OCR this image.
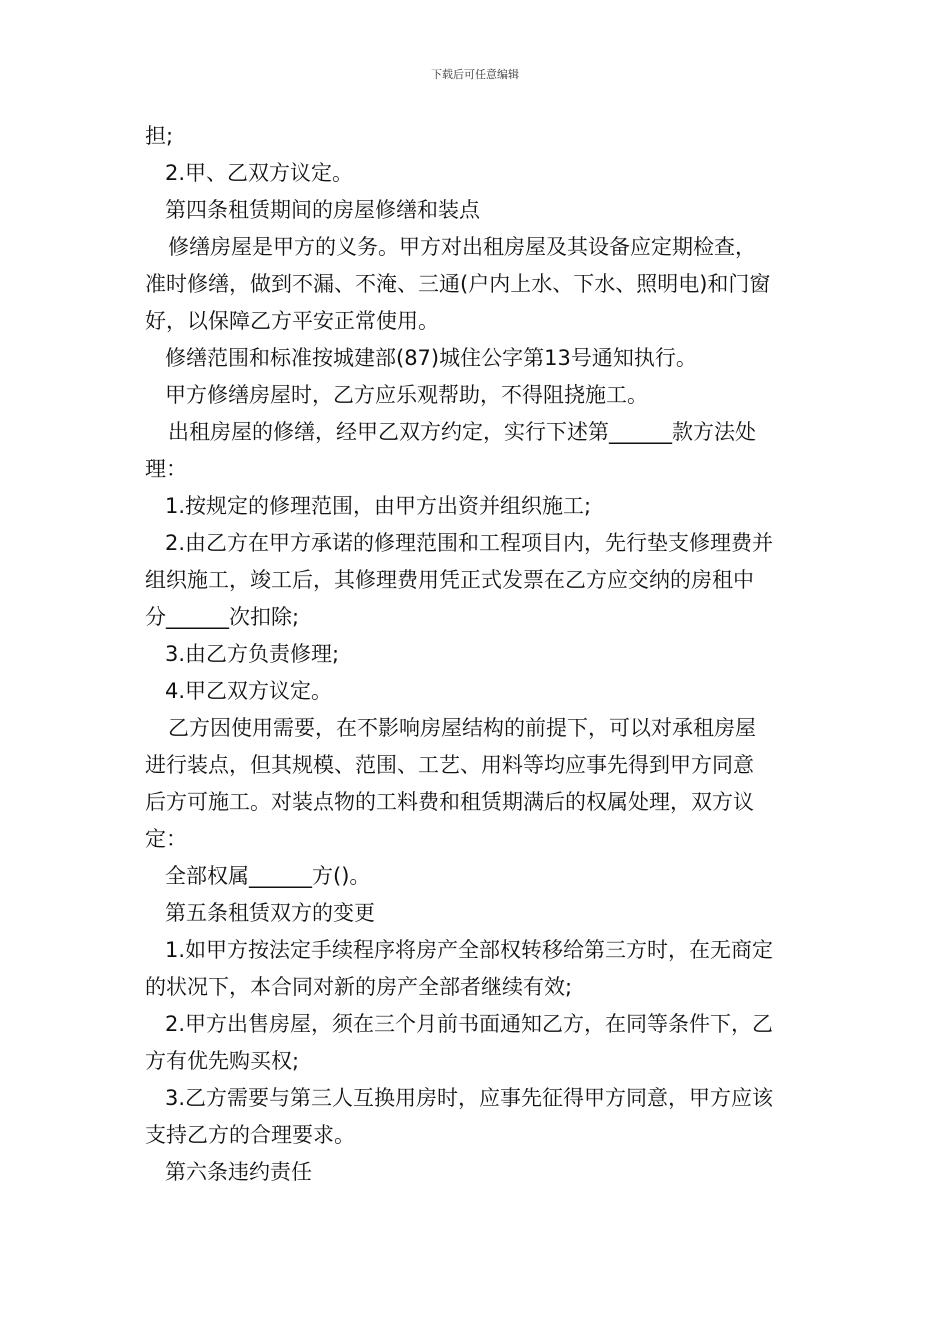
下载后可任意编辑
担;
2.甲、乙双方议定。
第四条租赁期间的房屋修缮和装点
修缮房屋是甲方的义务。甲方对出租房屋及其设备应定期检查，
准时修缮，做到不漏、不淹、三通(户内上水、下水、照明电)和门窗
好，以保障乙方平安正常使用。
修缮范围和标准按城建部(87)城住公字第13号通知执行。
甲方修缮房屋时，乙方应乐观帮助，不得阻挠施工。
出租房屋的修缮，经甲乙双方约定，实行下述第______款方法处
理：
1.按规定的修理范围，由甲方出资并组织施工;
2.由乙方在甲方承诺的修理范围和工程项目内，先行垫支修理费并
组织施工，竣工后，其修理费用凭正式发票在乙方应交纳的房租中
分______次扣除;
3.由乙方负责修理;
4.甲乙双方议定。
乙方因使用需要，在不影响房屋结构的前提下，可以对承租房屋
进行装点，但其规模、范围、工艺、用料等均应事先得到甲方同意
后方可施工。对装点物的工料费和租赁期满后的权属处理，双方议
定：
全部权属______方()。
第五条租赁双方的变更
1.如甲方按法定手续程序将房产全部权转移给第三方时，在无商定
的状况下，本合同对新的房产全部者继续有效;
2.甲方出售房屋，须在三个月前书面通知乙方，在同等条件下，乙
方有优先购买权;
3.乙方需要与第三人互换用房时，应事先征得甲方同意，甲方应该
支持乙方的合理要求。
第六条违约责任
